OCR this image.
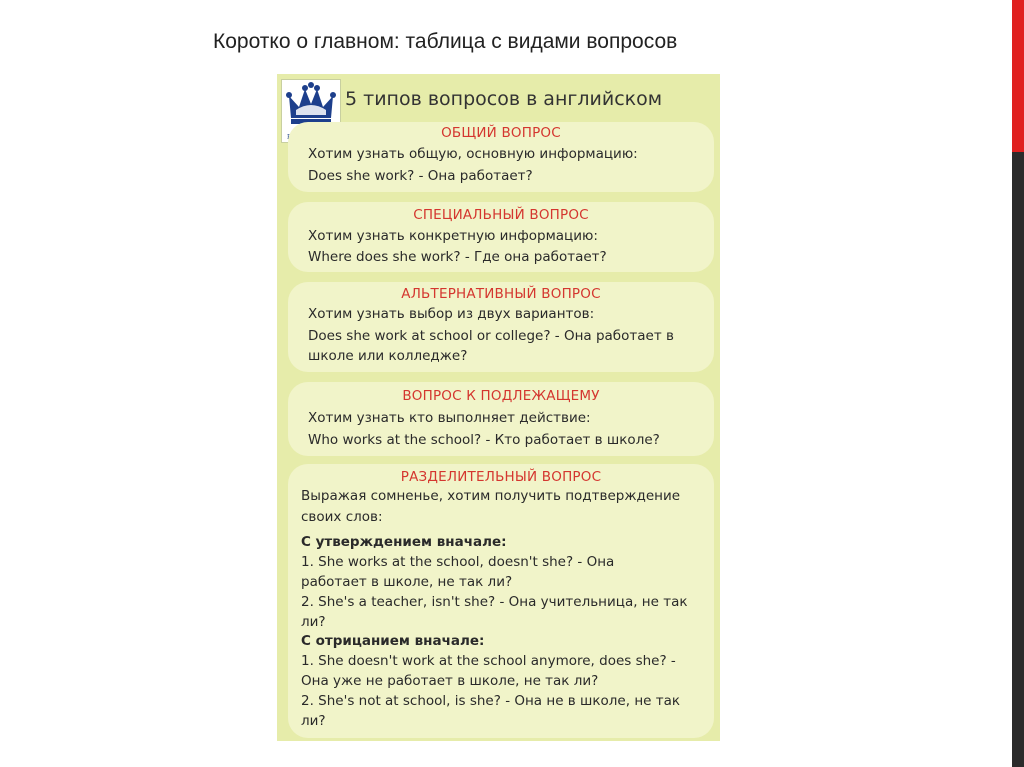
Коротко о главном: таблица с видами вопросов
5 типов вопросов в английском
ОБЩИЙ ВОПРОС
Хотим узнать общую, основную информацию:
Does she work? - Она работает?
СПЕЦИАЛЬНЫЙ ВОПРОС
Хотим узнать конкретную информацию:
Where does she work? - Где она работает?
АЛЬТЕРНАТИВНЫЙ ВОПРОС
Хотим узнать выбор из двух вариантов:
Does she work at school or college? - Она работает в
школе или колледже?
ВОПРОС К ПОДЛЕЖАЩЕМУ
Хотим узнать кто выполняет действие:
Who works at the school? - Кто работает в школе?
РАЗДЕЛИТЕЛЬНЫЙ ВОПРОС
Выражая сомненье, хотим получить подтверждение
своих слов:
С утверждением вначале:
1. She works at the school, doesn't she? - Она
работает в школе, не так ли?
2. She's a teacher, isn't she? - Она учительница, не так
ли?
С отрицанием вначале:
1. She doesn't work at the school anymore, does she? -
Она уже не работает в школе, не так ли?
2. She's not at school, is she? - Она не в школе, не так
ли?
